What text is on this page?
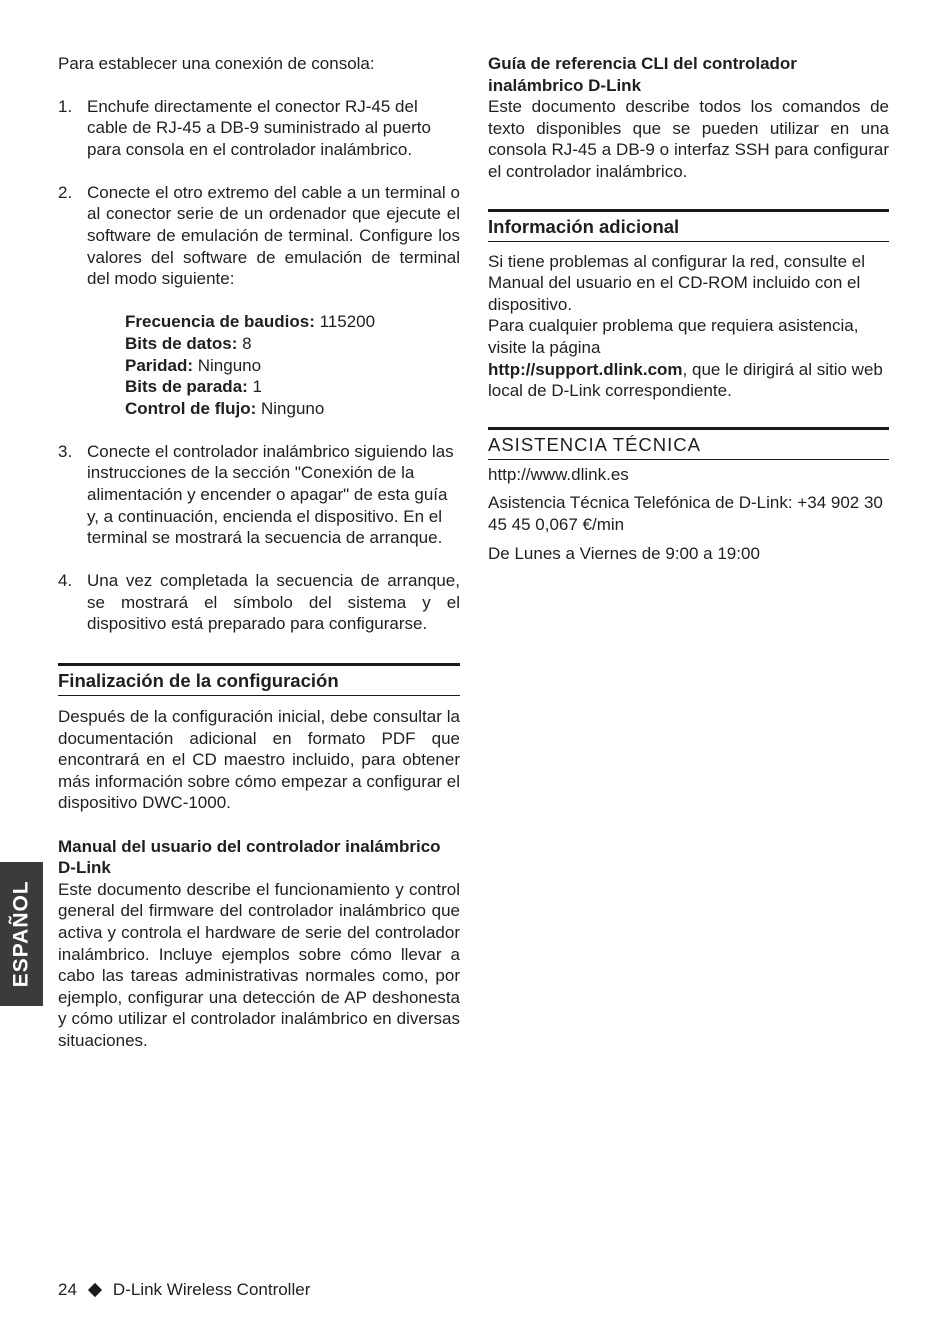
ESPAÑOL

Para establecer una conexión de consola:

1. Enchufe directamente el conector RJ-45 del cable de RJ-45 a DB-9 suministrado al puerto para consola en el controlador inalámbrico.
2. Conecte el otro extremo del cable a un terminal o al conector serie de un ordenador que ejecute el software de emulación de terminal. Configure los valores del software de emulación de terminal del modo siguiente:

Frecuencia de baudios: 115200
Bits de datos: 8
Paridad: Ninguno
Bits de parada: 1
Control de flujo: Ninguno
3. Conecte el controlador inalámbrico siguiendo las instrucciones de la sección "Conexión de la alimentación y encender o apagar" de esta guía y, a continuación, encienda el dispositivo. En el terminal se mostrará la secuencia de arranque.
4. Una vez completada la secuencia de arranque, se mostrará el símbolo del sistema y el dispositivo está preparado para configurarse.
Finalización de la configuración

Después de la configuración inicial, debe consultar la documentación adicional en formato PDF que encontrará en el CD maestro incluido, para obtener más información sobre cómo empezar a configurar el dispositivo DWC-1000.

Manual del usuario del controlador inalámbrico D-Link

Este documento describe el funcionamiento y control general del firmware del controlador inalámbrico que activa y controla el hardware de serie del controlador inalámbrico. Incluye ejemplos sobre cómo llevar a cabo las tareas administrativas normales como, por ejemplo, configurar una detección de AP deshonesta y cómo utilizar el controlador inalámbrico en diversas situaciones.

Guía de referencia CLI del controlador inalámbrico D-Link

Este documento describe todos los comandos de texto disponibles que se pueden utilizar en una consola RJ-45 a DB-9 o interfaz SSH para configurar el controlador inalámbrico.

Información adicional

Si tiene problemas al configurar la red, consulte el Manual del usuario en el CD-ROM incluido con el dispositivo.

Para cualquier problema que requiera asistencia, visite la página
http://support.dlink.com, que le dirigirá al sitio web local de D-Link correspondiente.

ASISTENCIA TÉCNICA

http://www.dlink.es

Asistencia Técnica Telefónica de D-Link: +34 902 30 45 45 0,067 €/min

De Lunes a Viernes de 9:00 a 19:00

24 D-Link Wireless Controller
